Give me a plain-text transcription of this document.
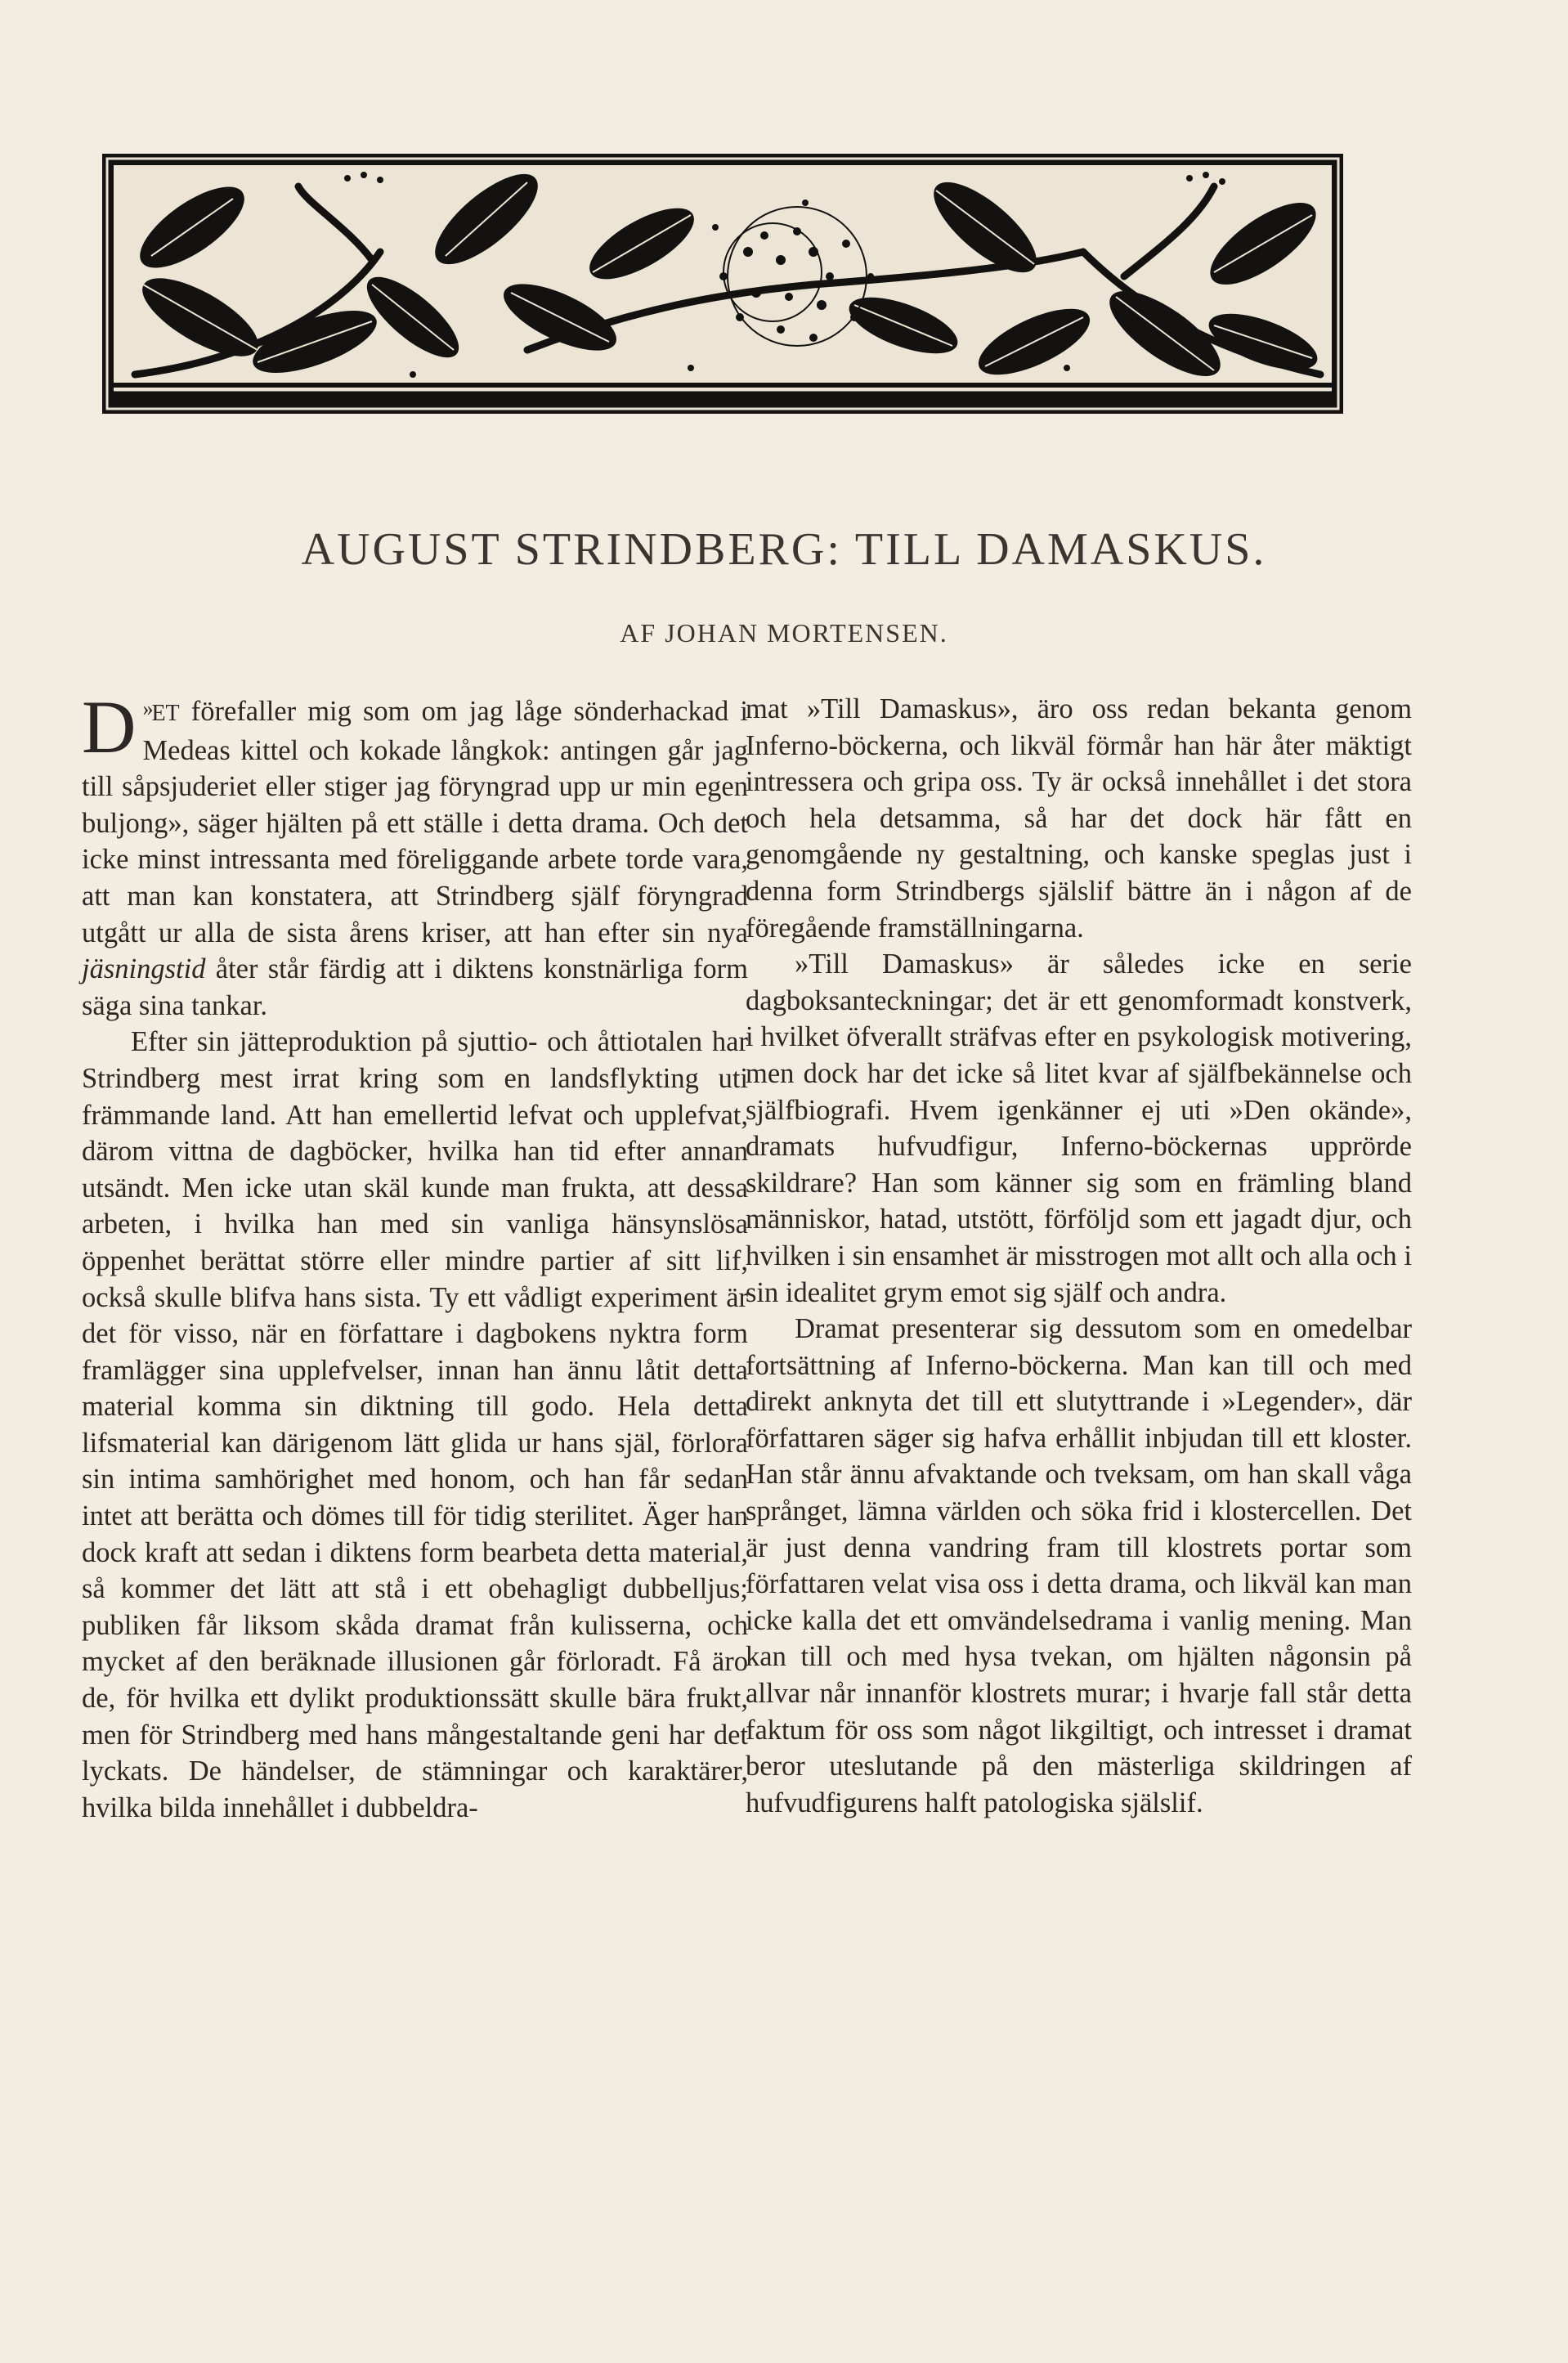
AUGUST STRINDBERG: TILL DAMASKUS.
AF JOHAN MORTENSEN.

»
D ET förefaller mig som om jag låge sönderhackad i Medeas kittel och kokade långkok: antingen går jag till såpsjuderiet eller stiger jag föryngrad upp ur min egen buljong», säger hjälten på ett ställe i detta drama. Och det icke minst intressanta med föreliggande arbete torde vara, att man kan konstatera, att Strindberg själf föryngrad utgått ur alla de sista årens kriser, att han efter sin nya jäsningstid åter står färdig att i diktens konstnärliga form säga sina tankar.

Efter sin jätteproduktion på sjuttio- och åttiotalen har Strindberg mest irrat kring som en landsflykting uti främmande land. Att han emellertid lefvat och upplefvat, därom vittna de dagböcker, hvilka han tid efter annan utsändt. Men icke utan skäl kunde man frukta, att dessa arbeten, i hvilka han med sin vanliga hänsynslösa öppenhet berättat större eller mindre partier af sitt lif, också skulle blifva hans sista. Ty ett vådligt experiment är det för visso, när en författare i dagbokens nyktra form framlägger sina upplefvelser, innan han ännu låtit detta material komma sin diktning till godo. Hela detta lifsmaterial kan därigenom lätt glida ur hans själ, förlora sin intima samhörighet med honom, och han får sedan intet att berätta och dömes till för tidig sterilitet. Äger han dock kraft att sedan i diktens form bearbeta detta material, så kommer det lätt att stå i ett obehagligt dubbelljus; publiken får liksom skåda dramat från kulisserna, och mycket af den beräknade illusionen går förloradt. Få äro de, för hvilka ett dylikt produktionssätt skulle bära frukt, men för Strindberg med hans mångestaltande geni har det lyckats. De händelser, de stämningar och karaktärer, hvilka bilda innehållet i dubbeldra-

mat »Till Damaskus», äro oss redan bekanta genom Inferno-böckerna, och likväl förmår han här åter mäktigt intressera och gripa oss. Ty är också innehållet i det stora och hela detsamma, så har det dock här fått en genomgående ny gestaltning, och kanske speglas just i denna form Strindbergs själslif bättre än i någon af de föregående framställningarna.

»Till Damaskus» är således icke en serie dagboksanteckningar; det är ett genomformadt konstverk, i hvilket öfverallt sträfvas efter en psykologisk motivering, men dock har det icke så litet kvar af själfbekännelse och själfbiografi. Hvem igenkänner ej uti »Den okände», dramats hufvudfigur, Inferno-böckernas upprörde skildrare? Han som känner sig som en främling bland människor, hatad, utstött, förföljd som ett jagadt djur, och hvilken i sin ensamhet är misstrogen mot allt och alla och i sin idealitet grym emot sig själf och andra.

Dramat presenterar sig dessutom som en omedelbar fortsättning af Inferno-böckerna. Man kan till och med direkt anknyta det till ett slutyttrande i »Legender», där författaren säger sig hafva erhållit inbjudan till ett kloster. Han står ännu afvaktande och tveksam, om han skall våga språnget, lämna världen och söka frid i klostercellen. Det är just denna vandring fram till klostrets portar som författaren velat visa oss i detta drama, och likväl kan man icke kalla det ett omvändelsedrama i vanlig mening. Man kan till och med hysa tvekan, om hjälten någonsin på allvar når innanför klostrets murar; i hvarje fall står detta faktum för oss som något likgiltigt, och intresset i dramat beror uteslutande på den mästerliga skildringen af hufvudfigurens halft patologiska själslif.
